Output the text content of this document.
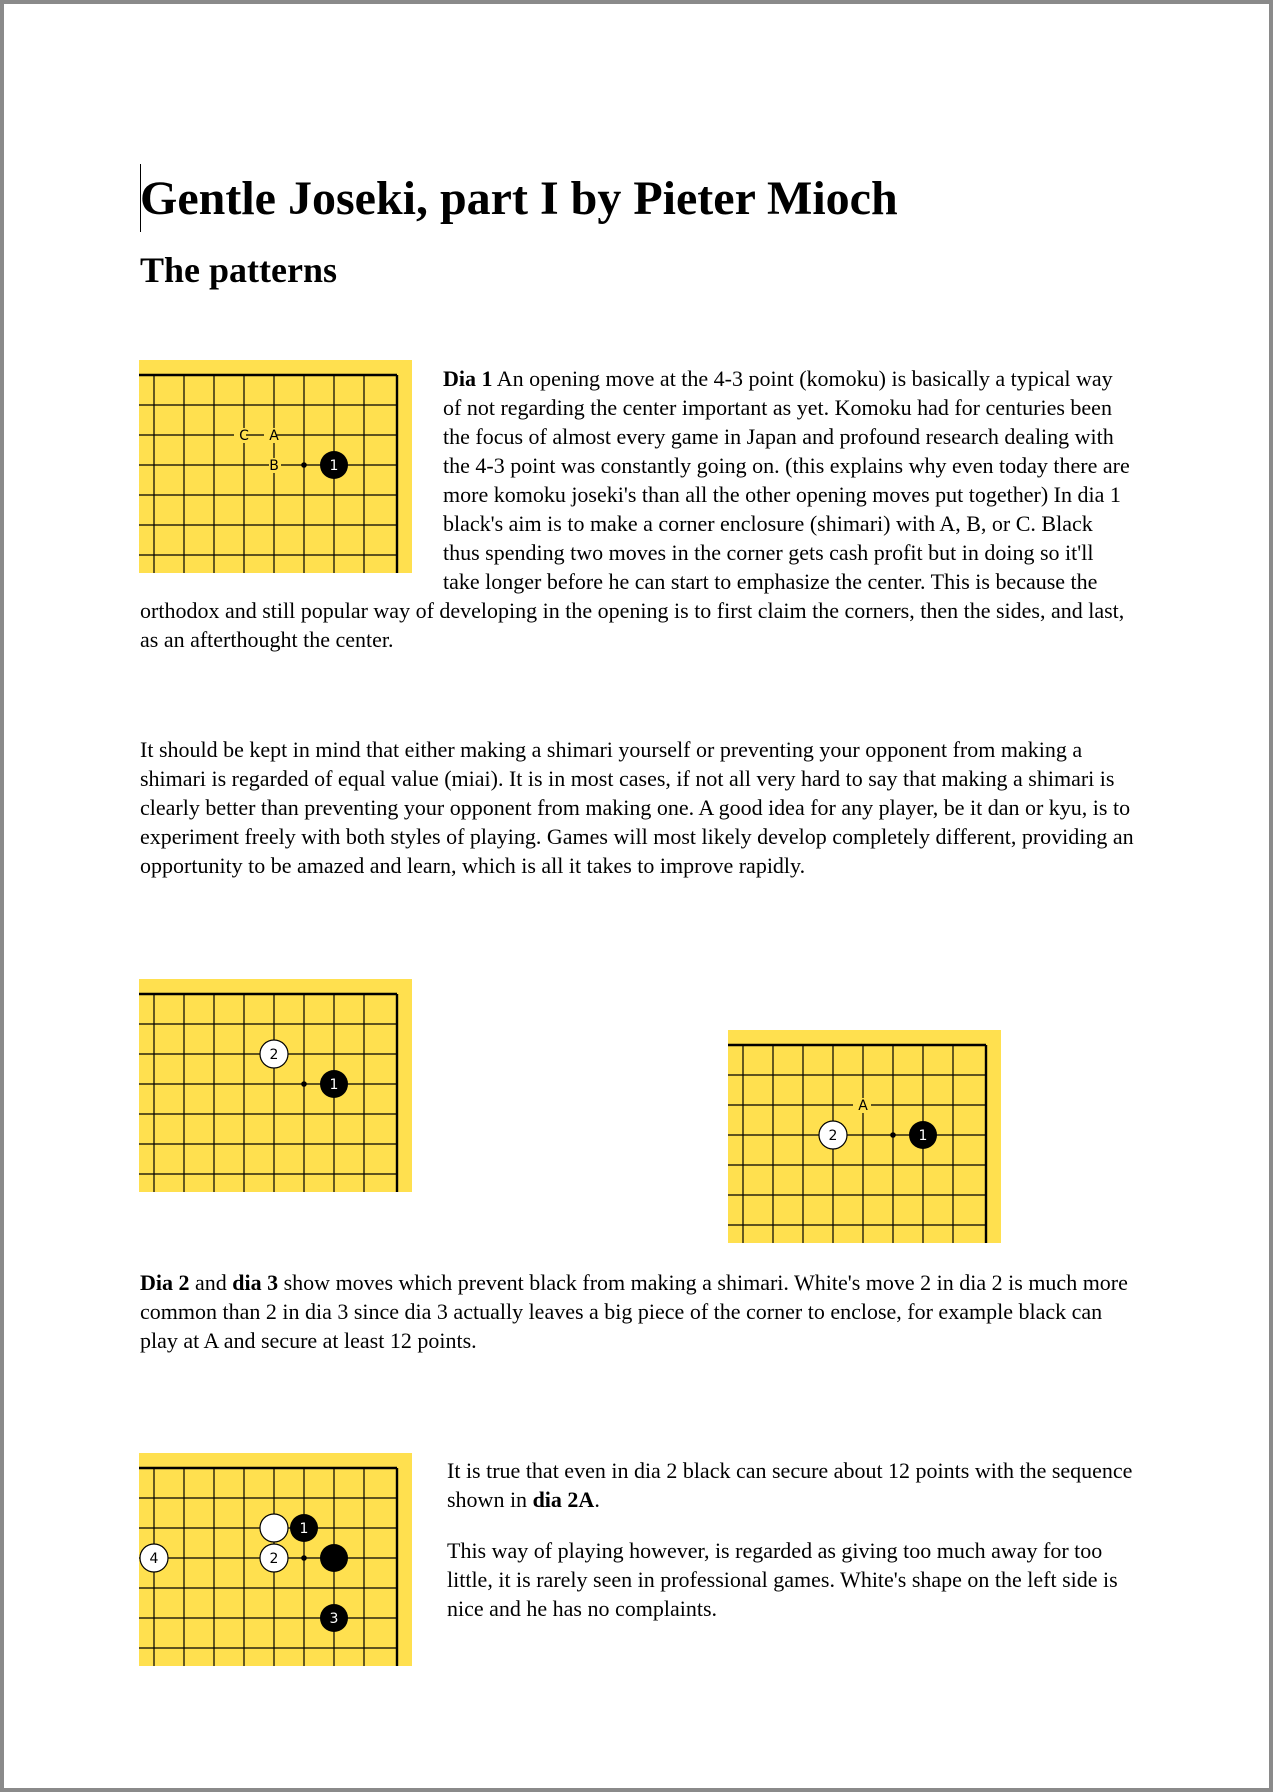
Gentle Joseki, part I by Pieter Mioch
The patterns
C A
B	1
Dia 1 An opening move at the 4-3 point (komoku) is basically a typical way of not regarding the center important as yet. Komoku had for centuries been the focus of almost every game in Japan and profound research dealing with the 4-3 point was constantly going on. (this explains why even today there are more komoku joseki's than all the other opening moves put together) In dia 1 black's aim is to make a corner enclosure (shimari) with A, B, or C. Black thus spending two moves in the corner gets cash profit but in doing so it'll take longer before he can start to emphasize the center. This is because the orthodox and still popular way of developing in the opening is to first claim the corners, then the sides, and last, as an afterthought the center.

It should be kept in mind that either making a shimari yourself or preventing your opponent from making a shimari is regarded of equal value (miai). It is in most cases, if not all very hard to say that making a shimari is clearly better than preventing your opponent from making one. A good idea for any player, be it dan or kyu, is to experiment freely with both styles of playing. Games will most likely develop completely different, providing an opportunity to be amazed and learn, which is all it takes to improve rapidly.

2
1
A
2	1

Dia 2 and dia 3 show moves which prevent black from making a shimari. White's move 2 in dia 2 is much more common than 2 in dia 3 since dia 3 actually leaves a big piece of the corner to enclose, for example black can play at A and secure at least 12 points.

1
4	2
3

It is true that even in dia 2 black can secure about 12 points with the sequence shown in dia 2A.

This way of playing however, is regarded as giving too much away for too little, it is rarely seen in professional games. White's shape on the left side is nice and he has no complaints.
